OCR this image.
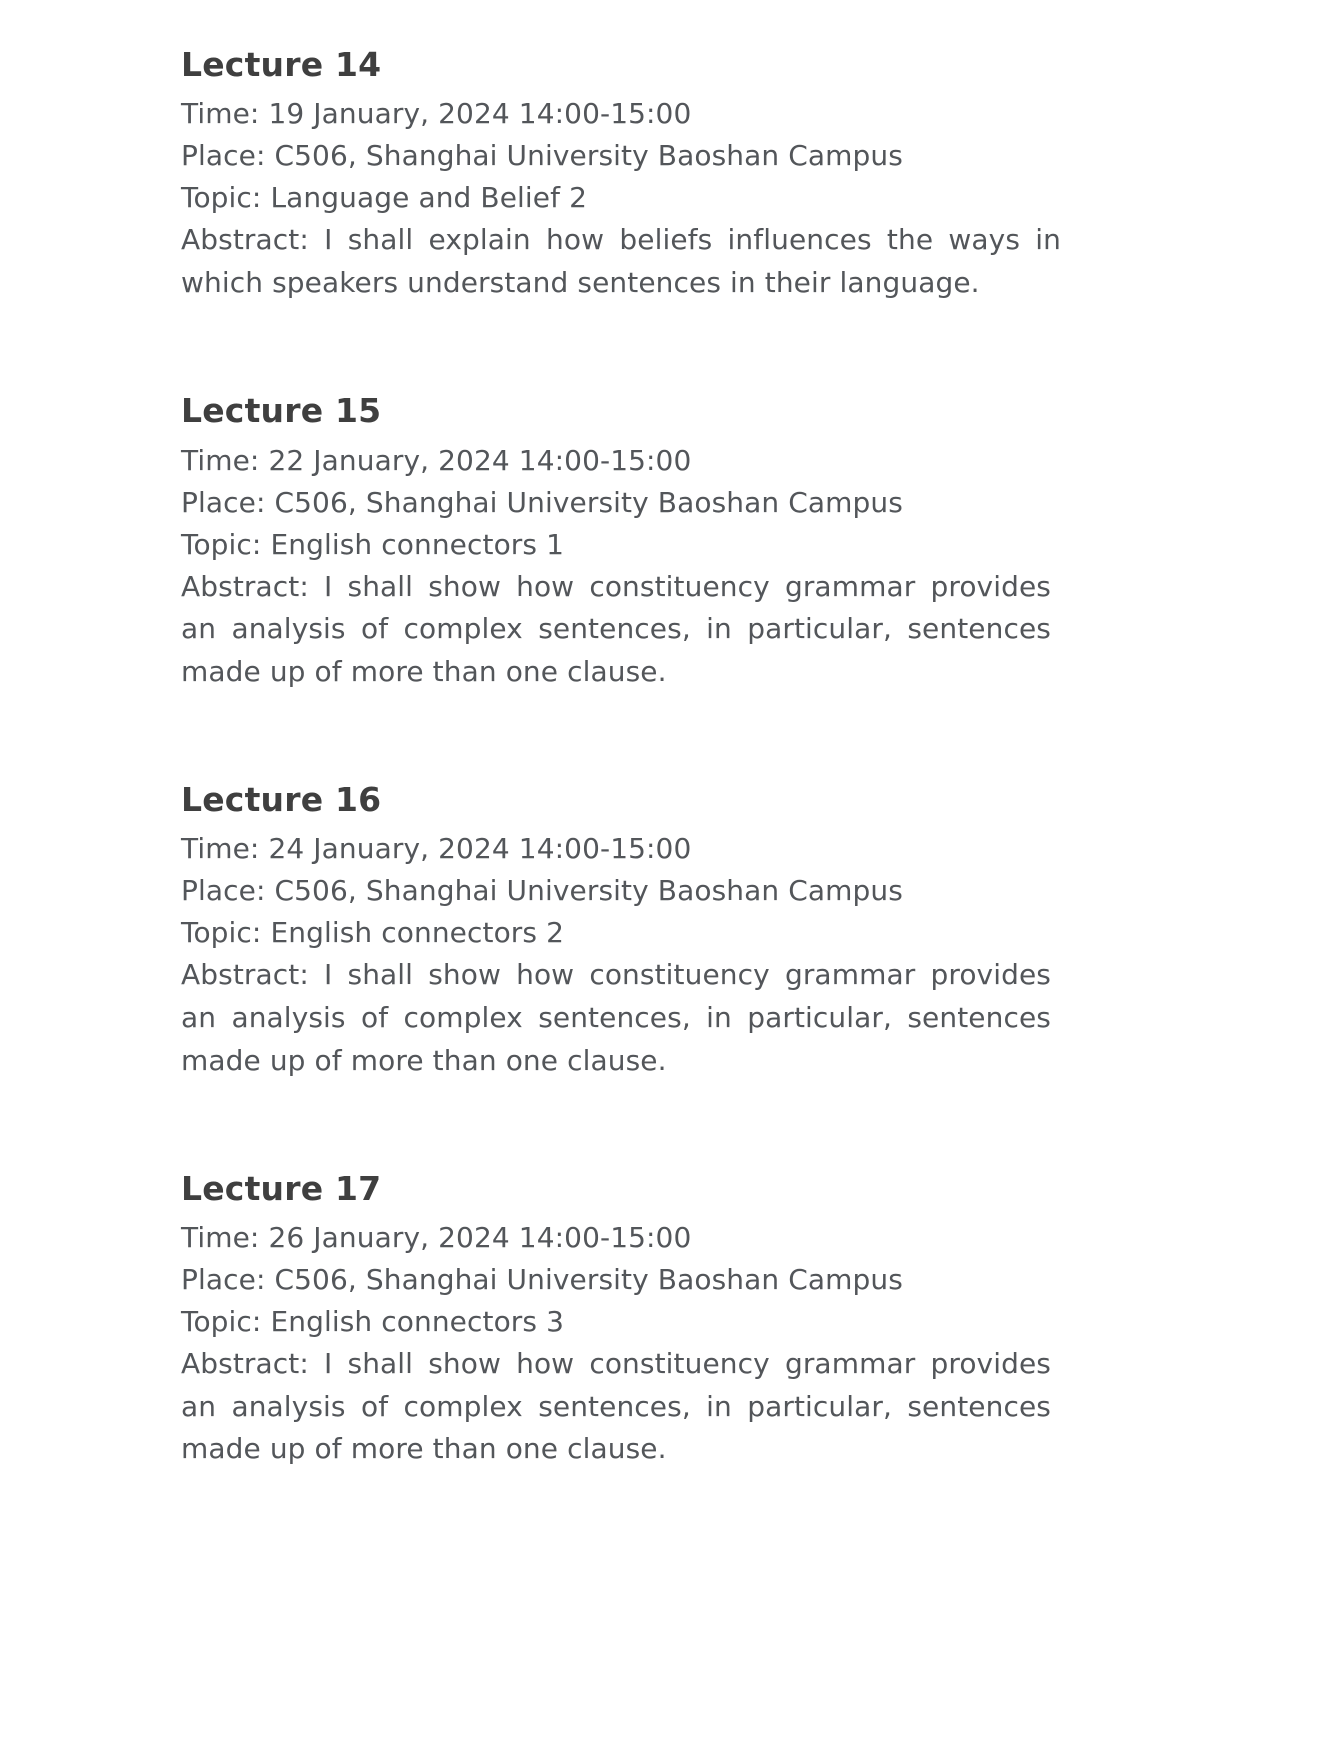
Lecture 14

Time: 19 January, 2024 14:00-15:00

Place: C506, Shanghai University Baoshan Campus

Topic: Language and Belief 2

Abstract: I shall explain how beliefs influences the ways in which speakers understand sentences in their language.

Lecture 15

Time: 22 January, 2024 14:00-15:00

Place: C506, Shanghai University Baoshan Campus

Topic: English connectors 1

Abstract: I shall show how constituency grammar provides an analysis of complex sentences, in particular, sentences made up of more than one clause.

Lecture 16

Time: 24 January, 2024 14:00-15:00

Place: C506, Shanghai University Baoshan Campus

Topic: English connectors 2

Abstract: I shall show how constituency grammar provides an analysis of complex sentences, in particular, sentences made up of more than one clause.

Lecture 17

Time: 26 January, 2024 14:00-15:00

Place: C506, Shanghai University Baoshan Campus

Topic: English connectors 3

Abstract: I shall show how constituency grammar provides an analysis of complex sentences, in particular, sentences made up of more than one clause.
